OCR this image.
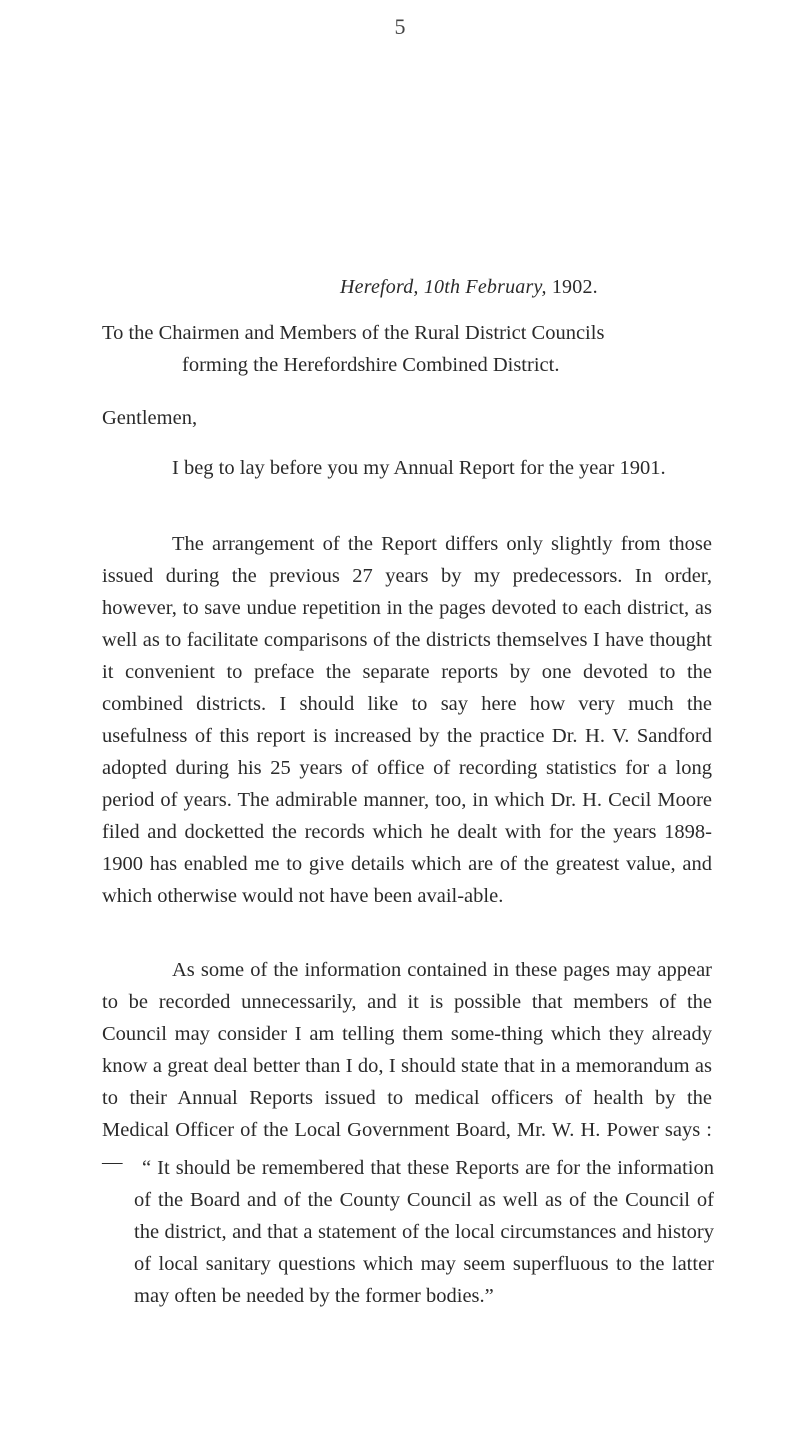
5
Hereford, 10th February, 1902.
To the Chairmen and Members of the Rural District Councils
forming the Herefordshire Combined District.
Gentlemen,

I beg to lay before you my Annual Report for the year 1901.

The arrangement of the Report differs only slightly from those issued during the previous 27 years by my predecessors. In order, however, to save undue repetition in the pages devoted to each district, as well as to facilitate comparisons of the districts themselves I have thought it convenient to preface the separate reports by one devoted to the combined districts. I should like to say here how very much the usefulness of this report is increased by the practice Dr. H. V. Sandford adopted during his 25 years of office of recording statistics for a long period of years. The admirable manner, too, in which Dr. H. Cecil Moore filed and docketted the records which he dealt with for the years 1898-1900 has enabled me to give details which are of the greatest value, and which otherwise would not have been avail-able.

As some of the information contained in these pages may appear to be recorded unnecessarily, and it is possible that members of the Council may consider I am telling them some-thing which they already know a great deal better than I do, I should state that in a memorandum as to their Annual Reports issued to medical officers of health by the Medical Officer of the Local Government Board, Mr. W. H. Power says :— “ It should be remembered that these Reports are for the information of the Board and of the County Council as well as of the Council of the district, and that a statement of the local circumstances and history of local sanitary questions which may seem superfluous to the latter may often be needed by the former bodies.”
